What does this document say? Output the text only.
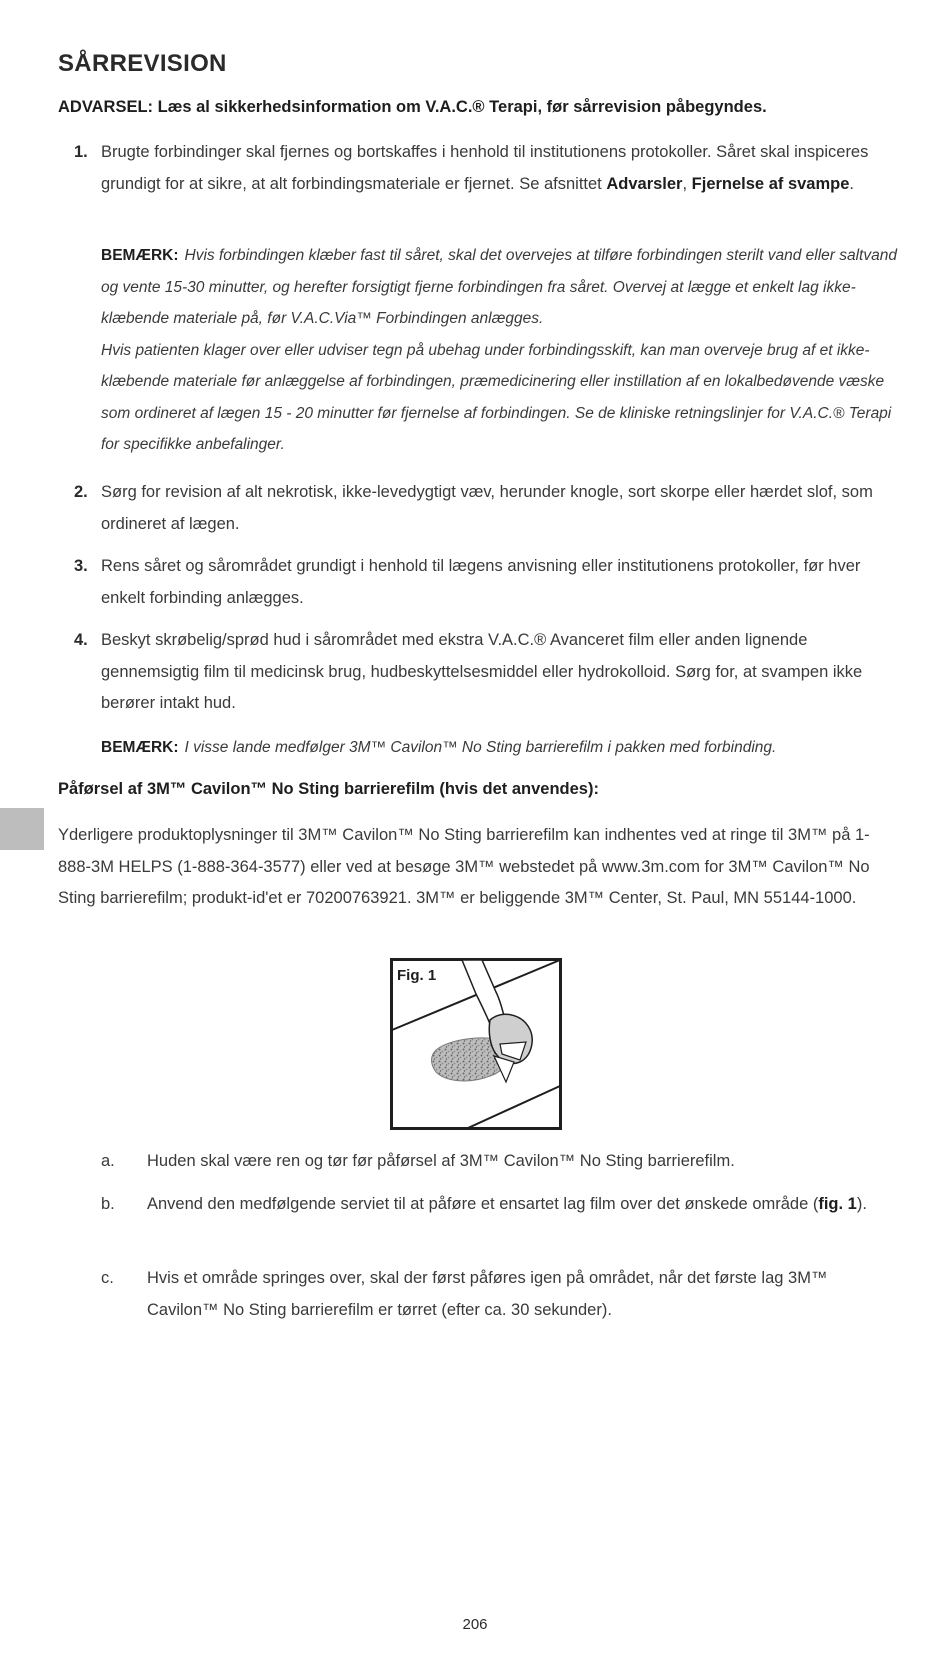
SÅRREVISION

ADVARSEL: Læs al sikkerhedsinformation om V.A.C.® Terapi, før sårrevision påbegyndes.

1. Brugte forbindinger skal fjernes og bortskaffes i henhold til institutionens protokoller. Såret skal inspiceres grundigt for at sikre, at alt forbindingsmateriale er fjernet. Se afsnittet Advarsler, Fjernelse af svampe.
BEMÆRK: Hvis forbindingen klæber fast til såret, skal det overvejes at tilføre forbindingen sterilt vand eller saltvand og vente 15-30 minutter, og herefter forsigtigt fjerne forbindingen fra såret. Overvej at lægge et enkelt lag ikke-klæbende materiale på, før V.A.C.Via™ Forbindingen anlægges.
Hvis patienten klager over eller udviser tegn på ubehag under forbindingsskift, kan man overveje brug af et ikke-klæbende materiale før anlæggelse af forbindingen, præmedicinering eller instillation af en lokalbedøvende væske som ordineret af lægen 15 - 20 minutter før fjernelse af forbindingen. Se de kliniske retningslinjer for V.A.C.® Terapi for specifikke anbefalinger.
2. Sørg for revision af alt nekrotisk, ikke-levedygtigt væv, herunder knogle, sort skorpe eller hærdet slof, som ordineret af lægen.
3. Rens såret og sårområdet grundigt i henhold til lægens anvisning eller institutionens protokoller, før hver enkelt forbinding anlægges.
4. Beskyt skrøbelig/sprød hud i sårområdet med ekstra V.A.C.® Avanceret film eller anden lignende gennemsigtig film til medicinsk brug, hudbeskyttelsesmiddel eller hydrokolloid. Sørg for, at svampen ikke berører intakt hud.
BEMÆRK: I visse lande medfølger 3M™ Cavilon™ No Sting barrierefilm i pakken med forbinding.
Påførsel af 3M™ Cavilon™ No Sting barrierefilm (hvis det anvendes):
Yderligere produktoplysninger til 3M™ Cavilon™ No Sting barrierefilm kan indhentes ved at ringe til 3M™ på 1-888-3M HELPS (1-888-364-3577) eller ved at besøge 3M™ webstedet på www.3m.com for 3M™ Cavilon™ No Sting barrierefilm; produkt-id'et er 70200763921. 3M™ er beliggende 3M™ Center, St. Paul, MN 55144-1000.
Fig. 1
a. Huden skal være ren og tør før påførsel af 3M™ Cavilon™ No Sting barrierefilm.
b. Anvend den medfølgende serviet til at påføre et ensartet lag film over det ønskede område (fig. 1).
c. Hvis et område springes over, skal der først påføres igen på området, når det første lag 3M™ Cavilon™ No Sting barrierefilm er tørret (efter ca. 30 sekunder).
206
